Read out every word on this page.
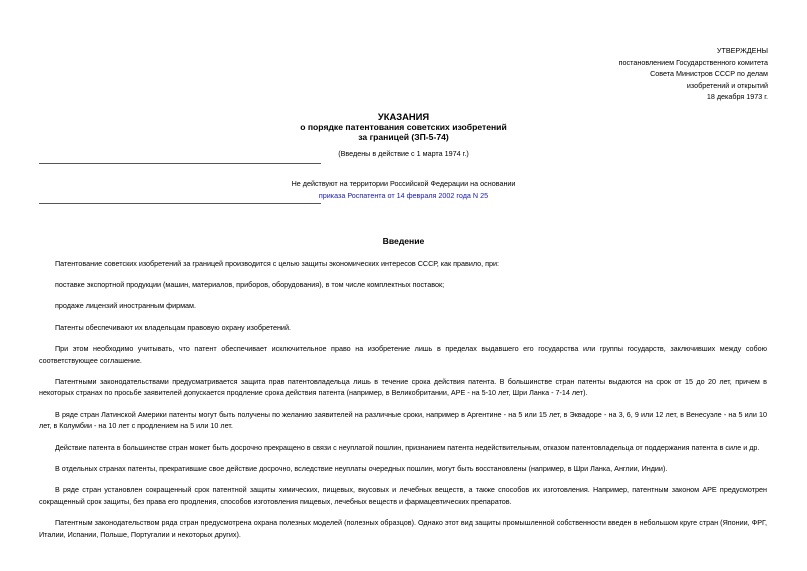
УТВЕРЖДЕНЫ
постановлением Государственного комитета
Совета Министров СССР по делам
изобретений и открытий
18 декабря 1973 г.
УКАЗАНИЯ
о порядке патентования советских изобретений
за границей (ЗП-5-74)
(Введены в действие с 1 марта 1974 г.)
Не действуют на территории Российской Федерации на основании
приказа Роспатента от 14 февраля 2002 года N 25
Введение

Патентование советских изобретений за границей производится с целью защиты экономических интересов СССР, как правило, при:

поставке экспортной продукции (машин, материалов, приборов, оборудования), в том числе комплектных поставок;

продаже лицензий иностранным фирмам.

Патенты обеспечивают их владельцам правовую охрану изобретений.

При этом необходимо учитывать, что патент обеспечивает исключительное право на изобретение лишь в пределах выдавшего его государства или группы государств, заключивших между собою соответствующее соглашение.

Патентными законодательствами предусматривается защита прав патентовладельца лишь в течение срока действия патента. В большинстве стран патенты выдаются на срок от 15 до 20 лет, причем в некоторых странах по просьбе заявителей допускается продление срока действия патента (например, в Великобритании, АРЕ - на 5-10 лет, Шри Ланка - 7-14 лет).

В ряде стран Латинской Америки патенты могут быть получены по желанию заявителей на различные сроки, например в Аргентине - на 5 или 15 лет, в Эквадоре - на 3, 6, 9 или 12 лет, в Венесуэле - на 5 или 10 лет, в Колумбии - на 10 лет с продлением на 5 или 10 лет.

Действие патента в большинстве стран может быть досрочно прекращено в связи с неуплатой пошлин, признанием патента недействительным, отказом патентовладельца от поддержания патента в силе и др.

В отдельных странах патенты, прекратившие свое действие досрочно, вследствие неуплаты очередных пошлин, могут быть восстановлены (например, в Шри Ланка, Англии, Индии).

В ряде стран установлен сокращенный срок патентной защиты химических, пищевых, вкусовых и лечебных веществ, а также способов их изготовления. Например, патентным законом АРЕ предусмотрен сокращенный срок защиты, без права его продления, способов изготовления пищевых, лечебных веществ и фармацевтических препаратов.

Патентным законодательством ряда стран предусмотрена охрана полезных моделей (полезных образцов). Однако этот вид защиты промышленной собственности введен в небольшом круге стран (Японии, ФРГ, Италии, Испании, Польше, Португалии и некоторых других).
